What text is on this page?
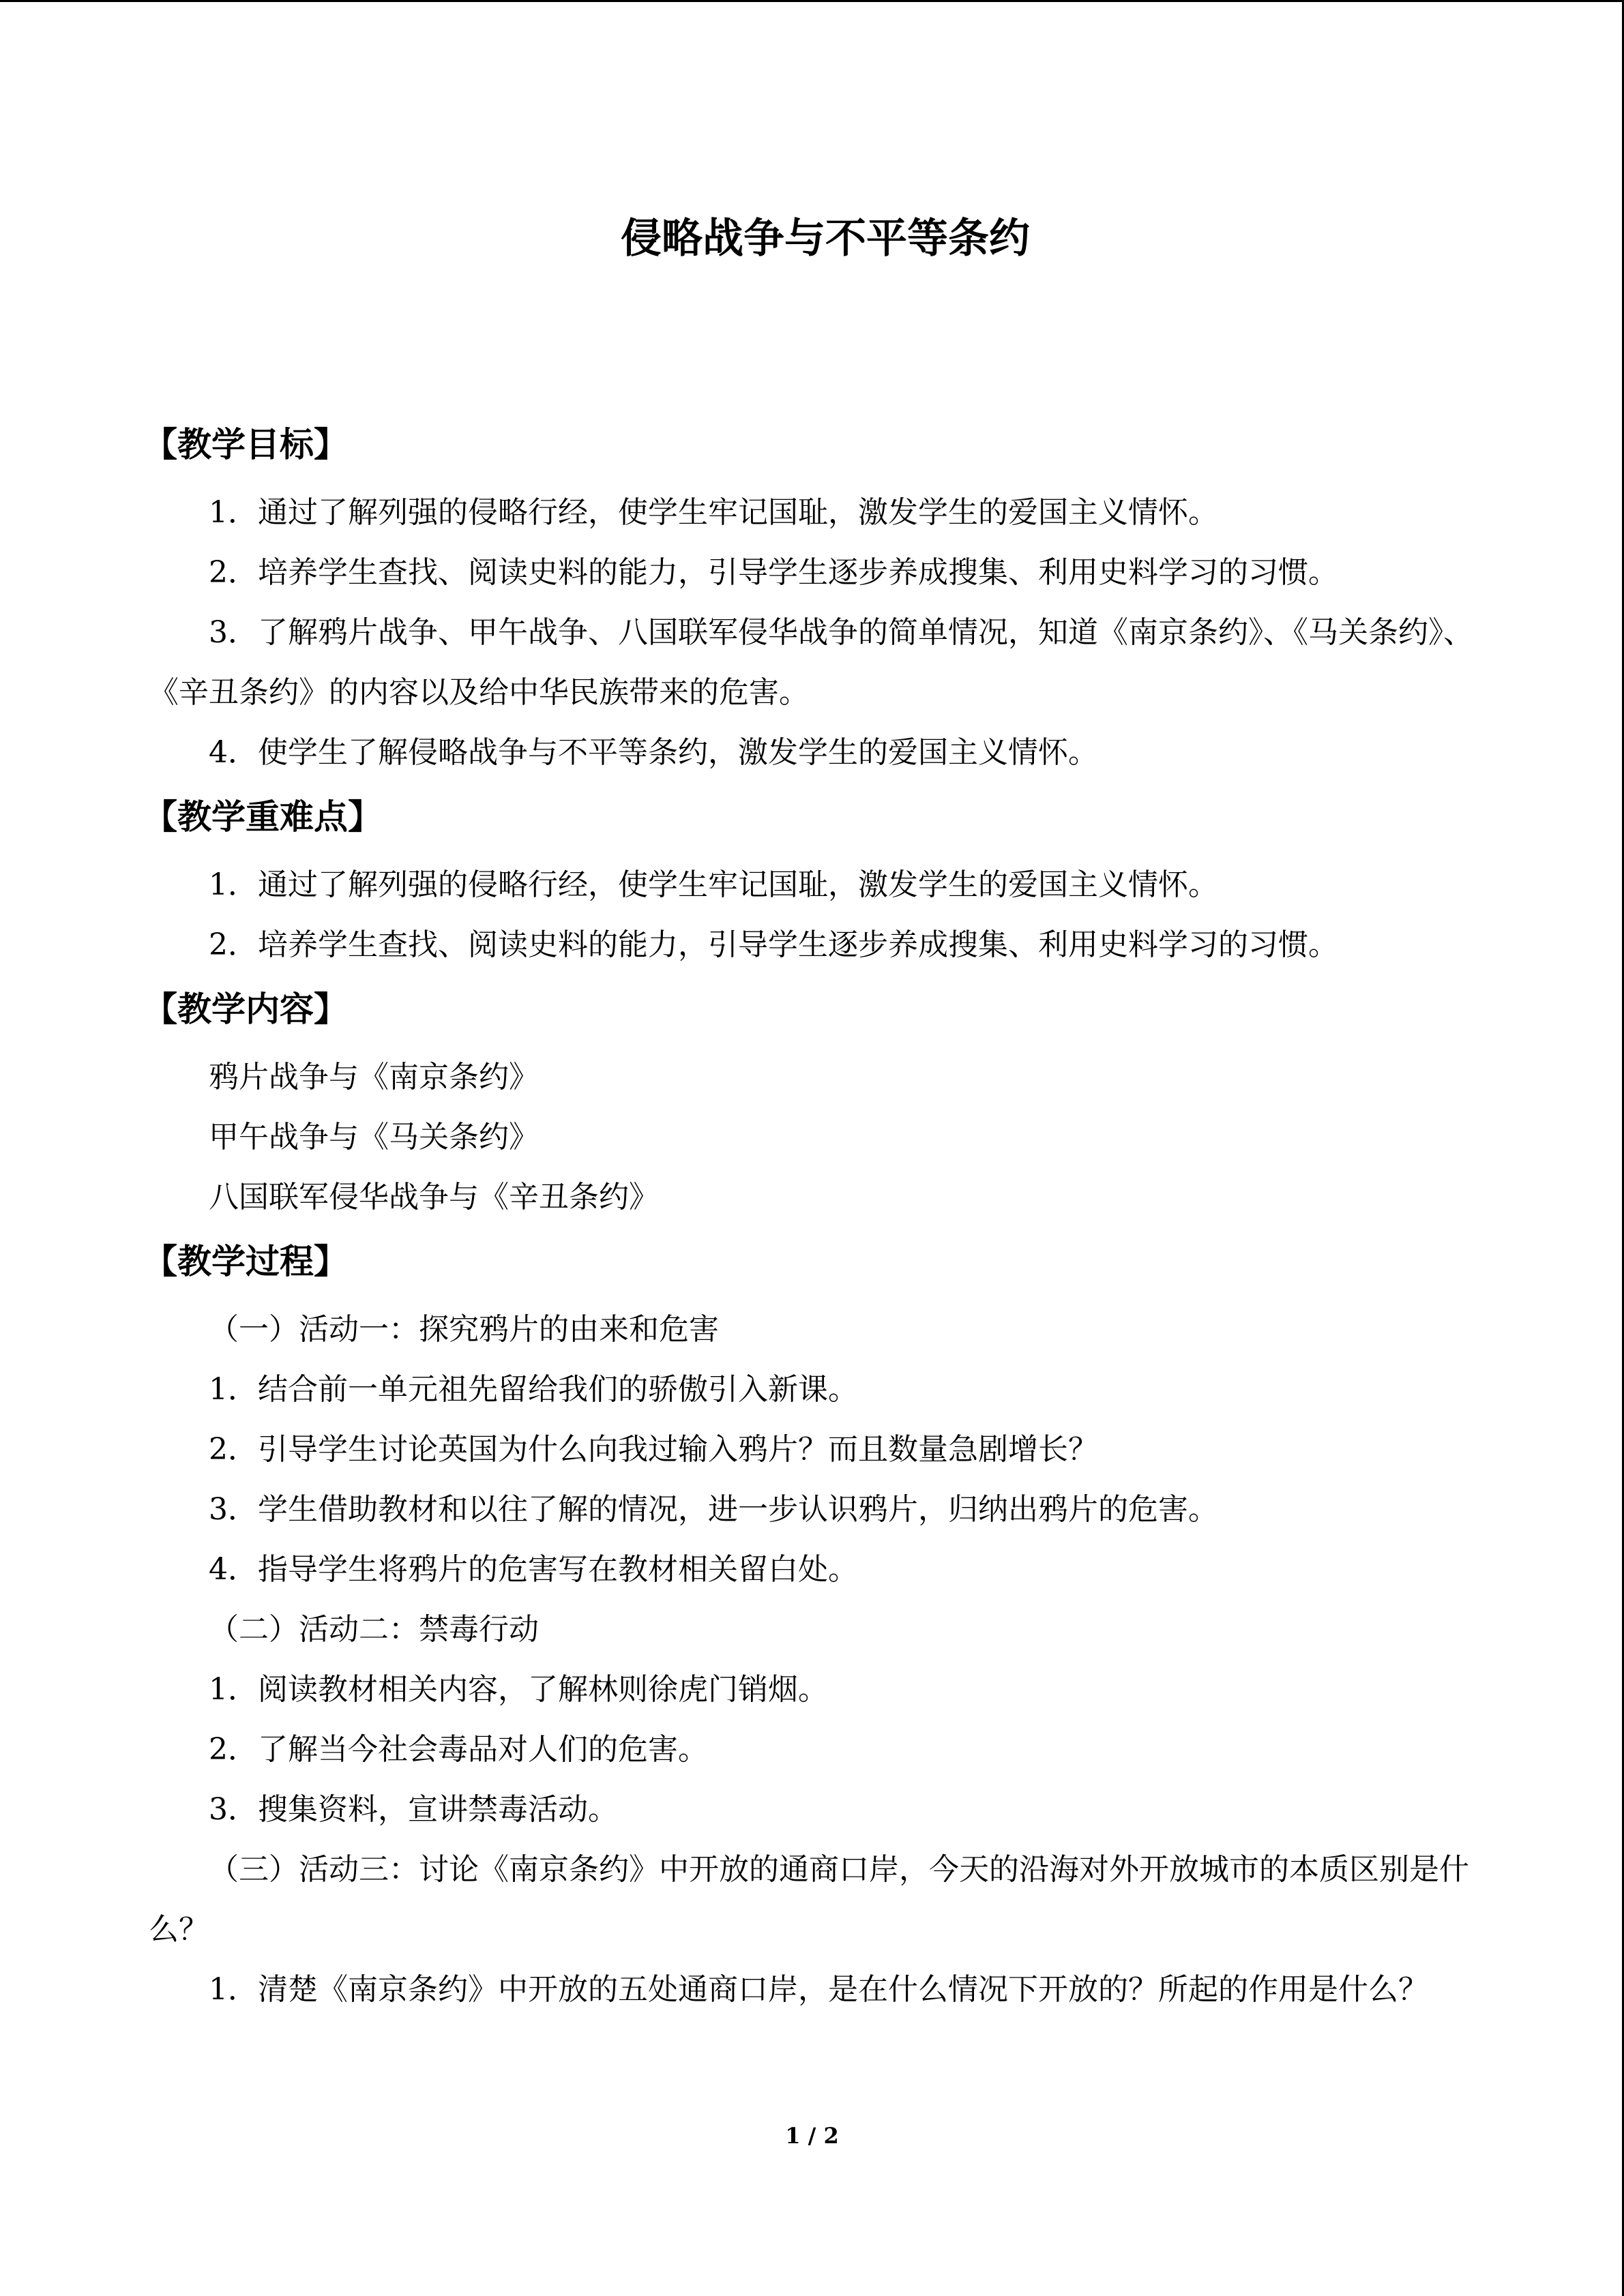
侵略战争与不平等条约
【教学目标】

1．通过了解列强的侵略行经，使学生牢记国耻，激发学生的爱国主义情怀。

2．培养学生查找、阅读史料的能力，引导学生逐步养成搜集、利用史料学习的习惯。

3．了解鸦片战争、甲午战争、八国联军侵华战争的简单情况，知道《南京条约》、《马关条约》、《辛丑条约》的内容以及给中华民族带来的危害。

4．使学生了解侵略战争与不平等条约，激发学生的爱国主义情怀。

【教学重难点】

1．通过了解列强的侵略行经，使学生牢记国耻，激发学生的爱国主义情怀。

2．培养学生查找、阅读史料的能力，引导学生逐步养成搜集、利用史料学习的习惯。

【教学内容】

鸦片战争与《南京条约》

甲午战争与《马关条约》

八国联军侵华战争与《辛丑条约》

【教学过程】

（一）活动一：探究鸦片的由来和危害

1．结合前一单元祖先留给我们的骄傲引入新课。

2．引导学生讨论英国为什么向我过输入鸦片？而且数量急剧增长？

3．学生借助教材和以往了解的情况，进一步认识鸦片，归纳出鸦片的危害。

4．指导学生将鸦片的危害写在教材相关留白处。

（二）活动二：禁毒行动

1．阅读教材相关内容，了解林则徐虎门销烟。

2．了解当今社会毒品对人们的危害。

3．搜集资料，宣讲禁毒活动。

（三）活动三：讨论《南京条约》中开放的通商口岸，今天的沿海对外开放城市的本质区别是什么？

1．清楚《南京条约》中开放的五处通商口岸，是在什么情况下开放的？所起的作用是什么？

1 / 2
